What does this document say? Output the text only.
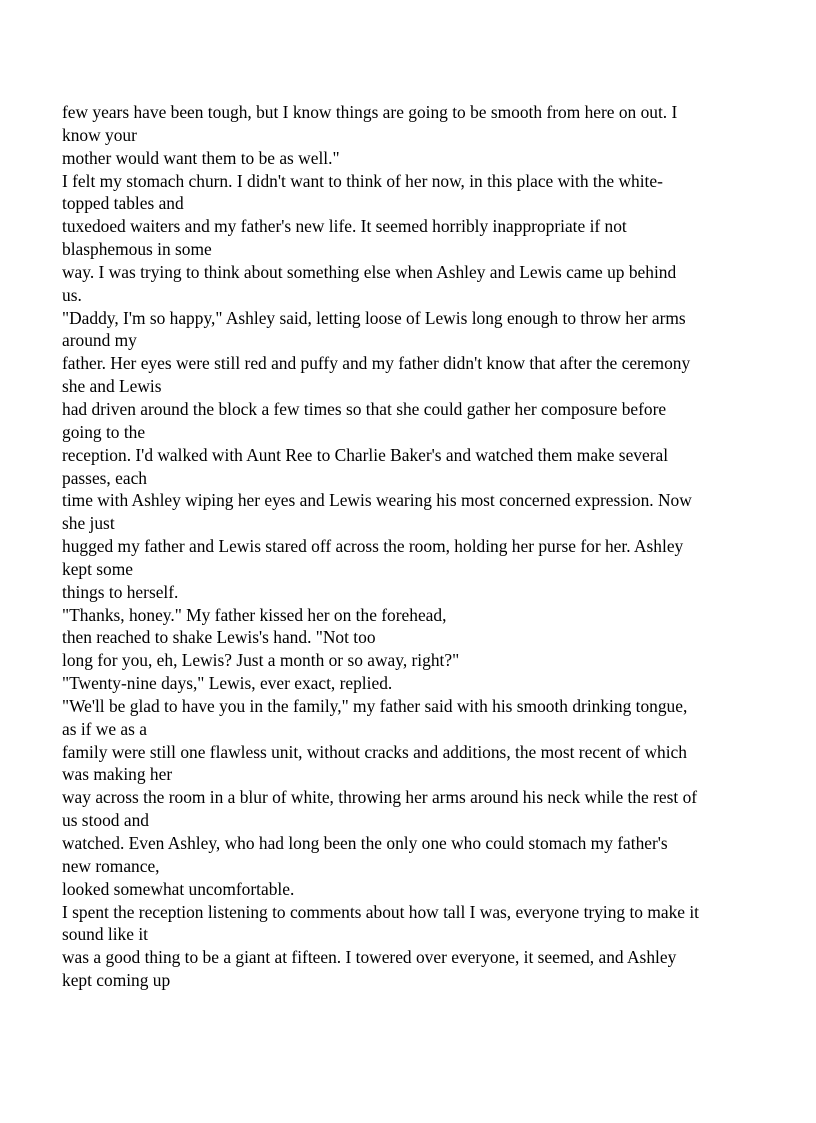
few years have been tough, but I know things are going to be smooth from here on out. I
know your
mother would want them to be as well."
I felt my stomach churn. I didn't want to think of her now, in this place with the white-
topped tables and
tuxedoed waiters and my father's new life. It seemed horribly inappropriate if not
blasphemous in some
way. I was trying to think about something else when Ashley and Lewis came up behind
us.
"Daddy, I'm so happy," Ashley said, letting loose of Lewis long enough to throw her arms
around my
father. Her eyes were still red and puffy and my father didn't know that after the ceremony
she and Lewis
had driven around the block a few times so that she could gather her composure before
going to the
reception. I'd walked with Aunt Ree to Charlie Baker's and watched them make several
passes, each
time with Ashley wiping her eyes and Lewis wearing his most concerned expression. Now
she just
hugged my father and Lewis stared off across the room, holding her purse for her. Ashley
kept some
things to herself.
"Thanks, honey." My father kissed her on the forehead,
then reached to shake Lewis's hand. "Not too
long for you, eh, Lewis? Just a month or so away, right?"
"Twenty-nine days," Lewis, ever exact, replied.
"We'll be glad to have you in the family," my father said with his smooth drinking tongue,
as if we as a
family were still one flawless unit, without cracks and additions, the most recent of which
was making her
way across the room in a blur of white, throwing her arms around his neck while the rest of
us stood and
watched. Even Ashley, who had long been the only one who could stomach my father's
new romance,
looked somewhat uncomfortable.
I spent the reception listening to comments about how tall I was, everyone trying to make it
sound like it
was a good thing to be a giant at fifteen. I towered over everyone, it seemed, and Ashley
kept coming up
